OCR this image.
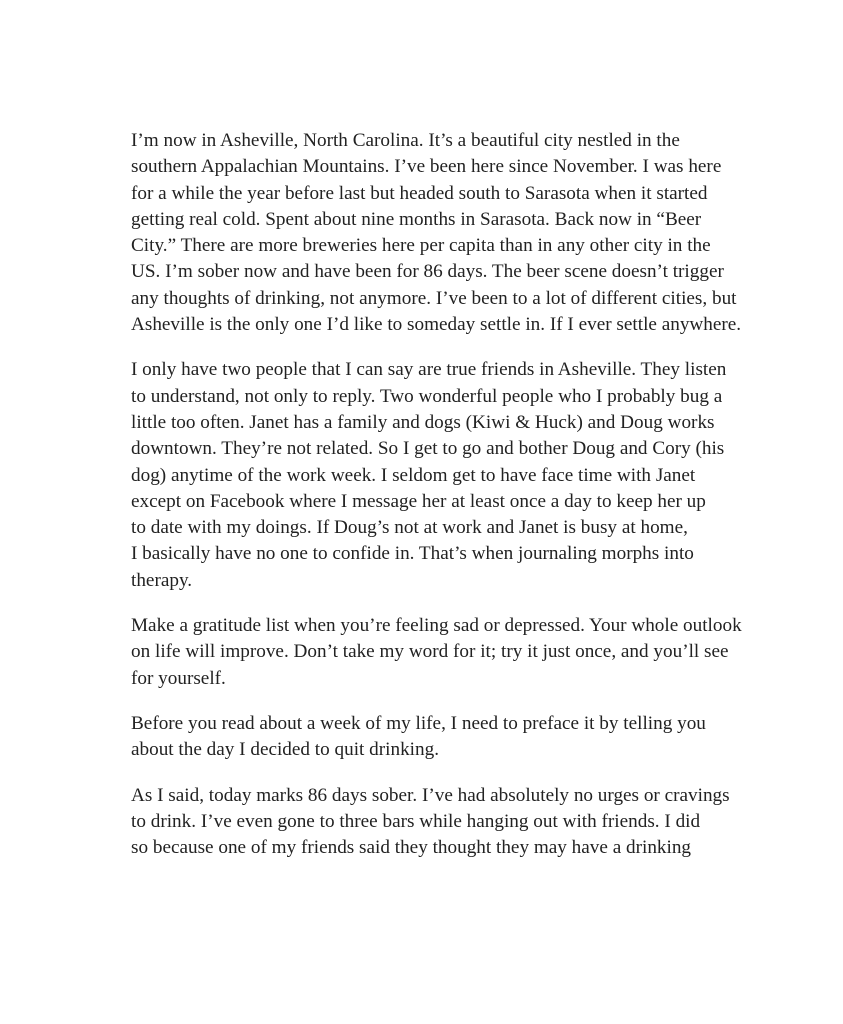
I’m now in Asheville, North Carolina. It’s a beautiful city nestled in the
southern Appalachian Mountains. I’ve been here since November. I was here
for a while the year before last but headed south to Sarasota when it started
getting real cold. Spent about nine months in Sarasota. Back now in “Beer
City.” There are more breweries here per capita than in any other city in the
US. I’m sober now and have been for 86 days. The beer scene doesn’t trigger
any thoughts of drinking, not anymore. I’ve been to a lot of different cities, but
Asheville is the only one I’d like to someday settle in. If I ever settle anywhere.

I only have two people that I can say are true friends in Asheville. They listen
to understand, not only to reply. Two wonderful people who I probably bug a
little too often. Janet has a family and dogs (Kiwi & Huck) and Doug works
downtown. They’re not related. So I get to go and bother Doug and Cory (his
dog) anytime of the work week. I seldom get to have face time with Janet
except on Facebook where I message her at least once a day to keep her up
to date with my doings. If Doug’s not at work and Janet is busy at home,
I basically have no one to confide in. That’s when journaling morphs into
therapy.

Make a gratitude list when you’re feeling sad or depressed. Your whole outlook
on life will improve. Don’t take my word for it; try it just once, and you’ll see
for yourself.

Before you read about a week of my life, I need to preface it by telling you
about the day I decided to quit drinking.

As I said, today marks 86 days sober. I’ve had absolutely no urges or cravings
to drink. I’ve even gone to three bars while hanging out with friends. I did
so because one of my friends said they thought they may have a drinking
